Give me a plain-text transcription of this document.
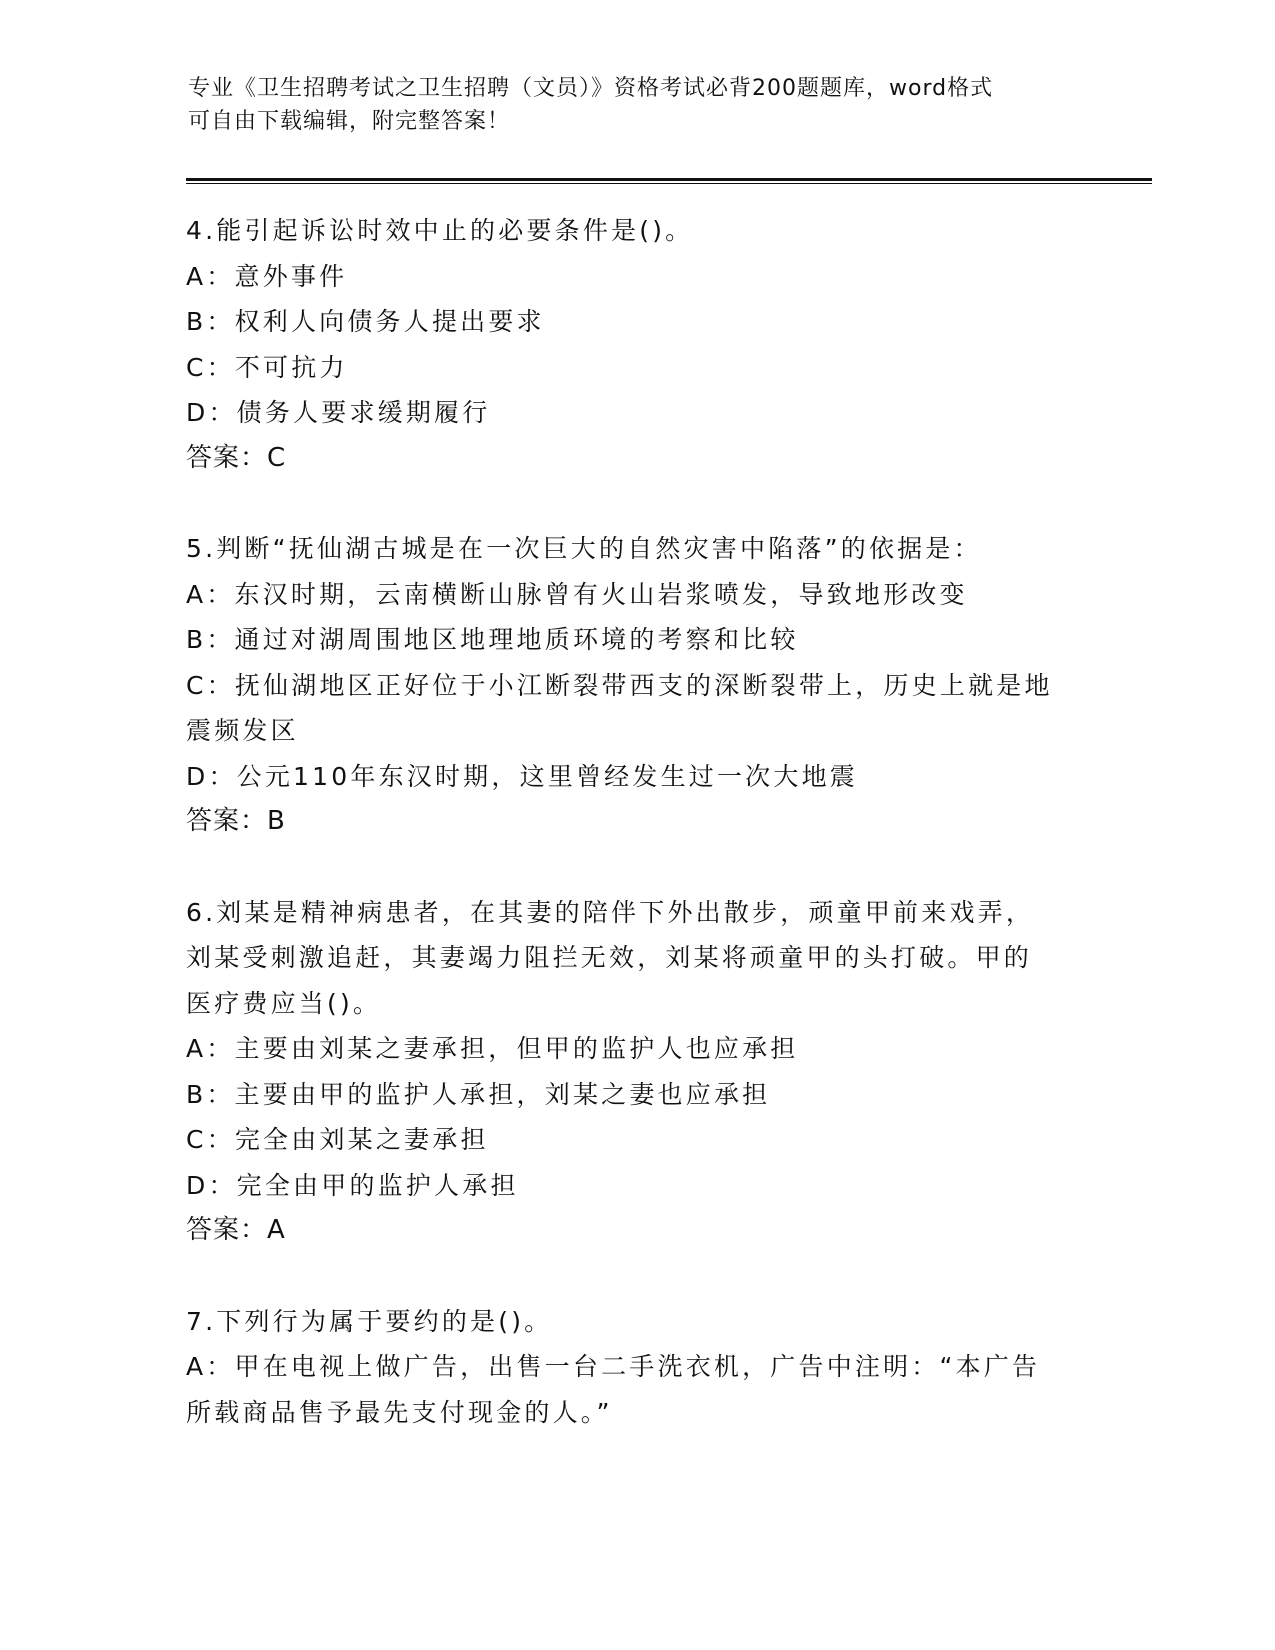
专业《卫生招聘考试之卫生招聘（文员）》资格考试必背200题题库，word格式
可自由下载编辑，附完整答案！
4.能引起诉讼时效中止的必要条件是()。
A：意外事件
B：权利人向债务人提出要求
C：不可抗力
D：债务人要求缓期履行
答案：C
5.判断“抚仙湖古城是在一次巨大的自然灾害中陷落”的依据是：
A：东汉时期，云南横断山脉曾有火山岩浆喷发，导致地形改变
B：通过对湖周围地区地理地质环境的考察和比较
C：抚仙湖地区正好位于小江断裂带西支的深断裂带上，历史上就是地
震频发区
D：公元110年东汉时期，这里曾经发生过一次大地震
答案：B
6.刘某是精神病患者，在其妻的陪伴下外出散步，顽童甲前来戏弄，
刘某受刺激追赶，其妻竭力阻拦无效，刘某将顽童甲的头打破。甲的
医疗费应当()。
A：主要由刘某之妻承担，但甲的监护人也应承担
B：主要由甲的监护人承担，刘某之妻也应承担
C：完全由刘某之妻承担
D：完全由甲的监护人承担
答案：A
7.下列行为属于要约的是()。
A：甲在电视上做广告，出售一台二手洗衣机，广告中注明：“本广告
所载商品售予最先支付现金的人。”
